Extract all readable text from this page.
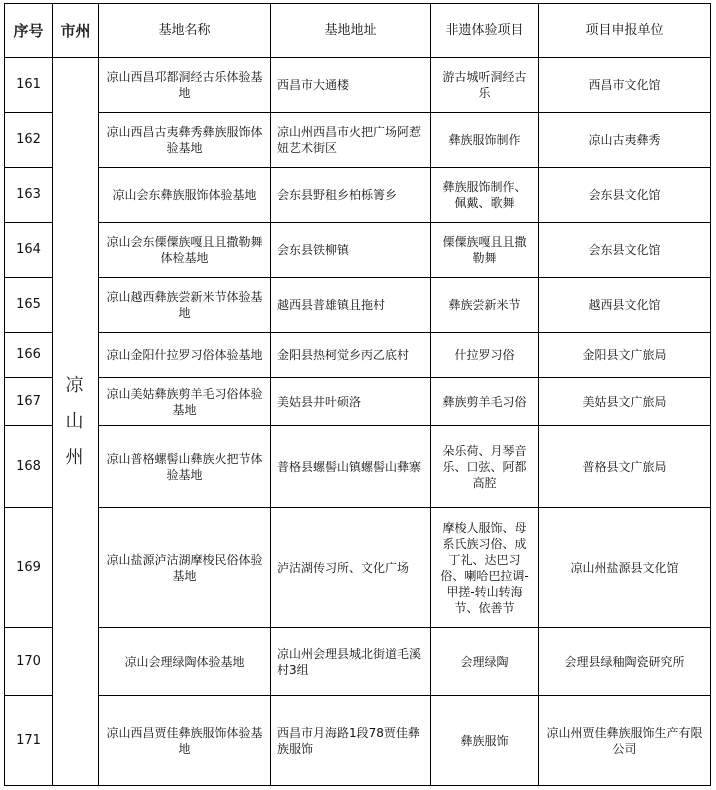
序号	市州	基地名称	基地地址	非遗体验项目	项目申报单位
161	凉山州	凉山西昌邛都洞经古乐体验基地	西昌市大通楼	游古城听洞经古乐	西昌市文化馆
162		凉山西昌古夷彝秀彝族服饰体验基地	凉山州西昌市火把广场阿惹妞艺术街区	彝族服饰制作	凉山古夷彝秀
163		凉山会东彝族服饰体验基地	会东县野租乡柏栎箐乡	彝族服饰制作、佩戴、歌舞	会东县文化馆
164		凉山会东傈僳族嘎且且撒勒舞体检基地	会东县铁柳镇	傈僳族嘎且且撒勒舞	会东县文化馆
165		凉山越西彝族尝新米节体验基地	越西县普雄镇且拖村	彝族尝新米节	越西县文化馆
166		凉山金阳什拉罗习俗体验基地	金阳县热柯觉乡丙乙底村	什拉罗习俗	金阳县文广旅局
167		凉山美姑彝族剪羊毛习俗体验基地	美姑县井叶硕洛	彝族剪羊毛习俗	美姑县文广旅局
168		凉山普格螺髻山彝族火把节体验基地	普格县螺髻山镇螺髻山彝寨	朵乐荷、月琴音乐、口弦、阿都高腔	普格县文广旅局
169		凉山盐源泸沽湖摩梭民俗体验基地	泸沽湖传习所、文化广场	摩梭人服饰、母系氏族习俗、成丁礼、达巴习俗、喇哈巴拉调-甲搓-转山转海节、依善节	凉山州盐源县文化馆
170		凉山会理绿陶体验基地	凉山州会理县城北街道毛溪村3组	会理绿陶	会理县绿釉陶瓷研究所
171		凉山西昌贾佳彝族服饰体验基地	西昌市月海路1段78贾佳彝族服饰	彝族服饰	凉山州贾佳彝族服饰生产有限公司
